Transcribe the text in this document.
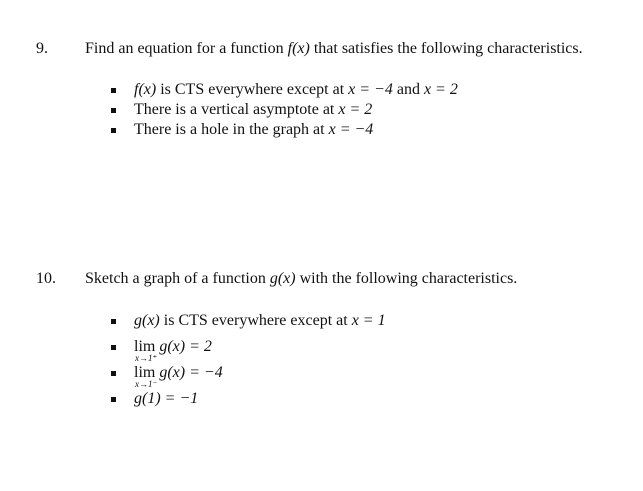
9. Find an equation for a function f(x) that satisfies the following characteristics.
f(x) is CTS everywhere except at x = −4 and x = 2
There is a vertical asymptote at x = 2
There is a hole in the graph at x = −4
10. Sketch a graph of a function g(x) with the following characteristics.
g(x) is CTS everywhere except at x = 1
lim g(x) = 2
x→1⁺
lim g(x) = −4
x→1⁻
g(1) = −1
